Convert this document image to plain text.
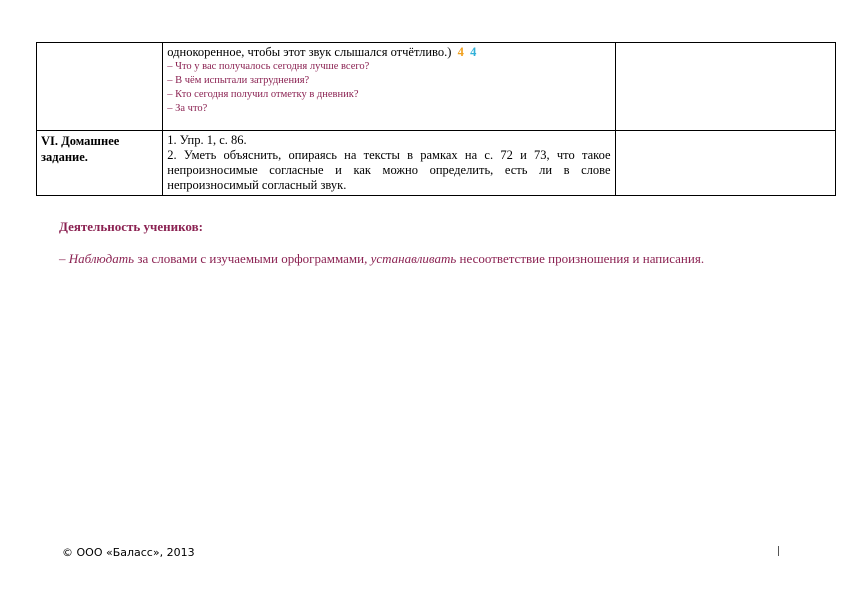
	однокоренное, чтобы этот звук слышался отчётливо.) 4 4
– Что у вас получалось сегодня лучше всего?
– В чём испытали затруднения?
– Кто сегодня получил отметку в дневник?
– За что?	

VI. Домашнее
задание.	1. Упр. 1, с. 86.
2. Уметь объяснить, опираясь на тексты в рамках на с. 72 и 73, что такое непроизносимые согласные и как можно определить, есть ли в слове непроизносимый согласный звук.	

Деятельность учеников:
– Наблюдать за словами с изучаемыми орфограммами, устанавливать несоответствие произношения и написания.
© ООО «Баласс», 2013
